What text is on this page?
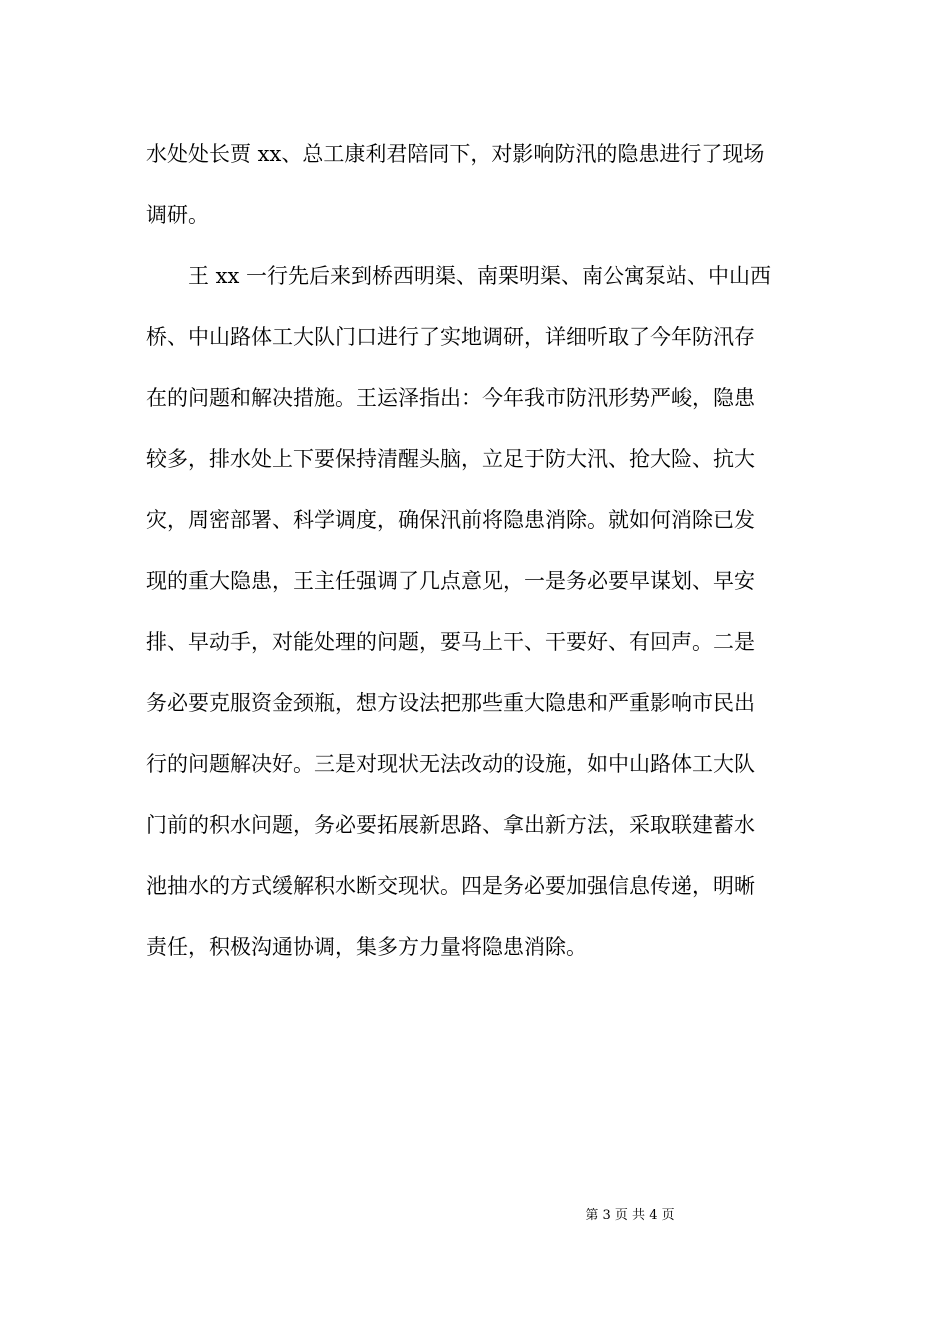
水处处长贾 xx、总工康利君陪同下，对影响防汛的隐患进行了现场
调研。
　　王 xx 一行先后来到桥西明渠、南栗明渠、南公寓泵站、中山西
桥、中山路体工大队门口进行了实地调研，详细听取了今年防汛存
在的问题和解决措施。王运泽指出：今年我市防汛形势严峻，隐患
较多，排水处上下要保持清醒头脑，立足于防大汛、抢大险、抗大
灾，周密部署、科学调度，确保汛前将隐患消除。就如何消除已发
现的重大隐患，王主任强调了几点意见，一是务必要早谋划、早安
排、早动手，对能处理的问题，要马上干、干要好、有回声。二是
务必要克服资金颈瓶，想方设法把那些重大隐患和严重影响市民出
行的问题解决好。三是对现状无法改动的设施，如中山路体工大队
门前的积水问题，务必要拓展新思路、拿出新方法，采取联建蓄水
池抽水的方式缓解积水断交现状。四是务必要加强信息传递，明晰
责任，积极沟通协调，集多方力量将隐患消除。
第 3 页 共 4 页
